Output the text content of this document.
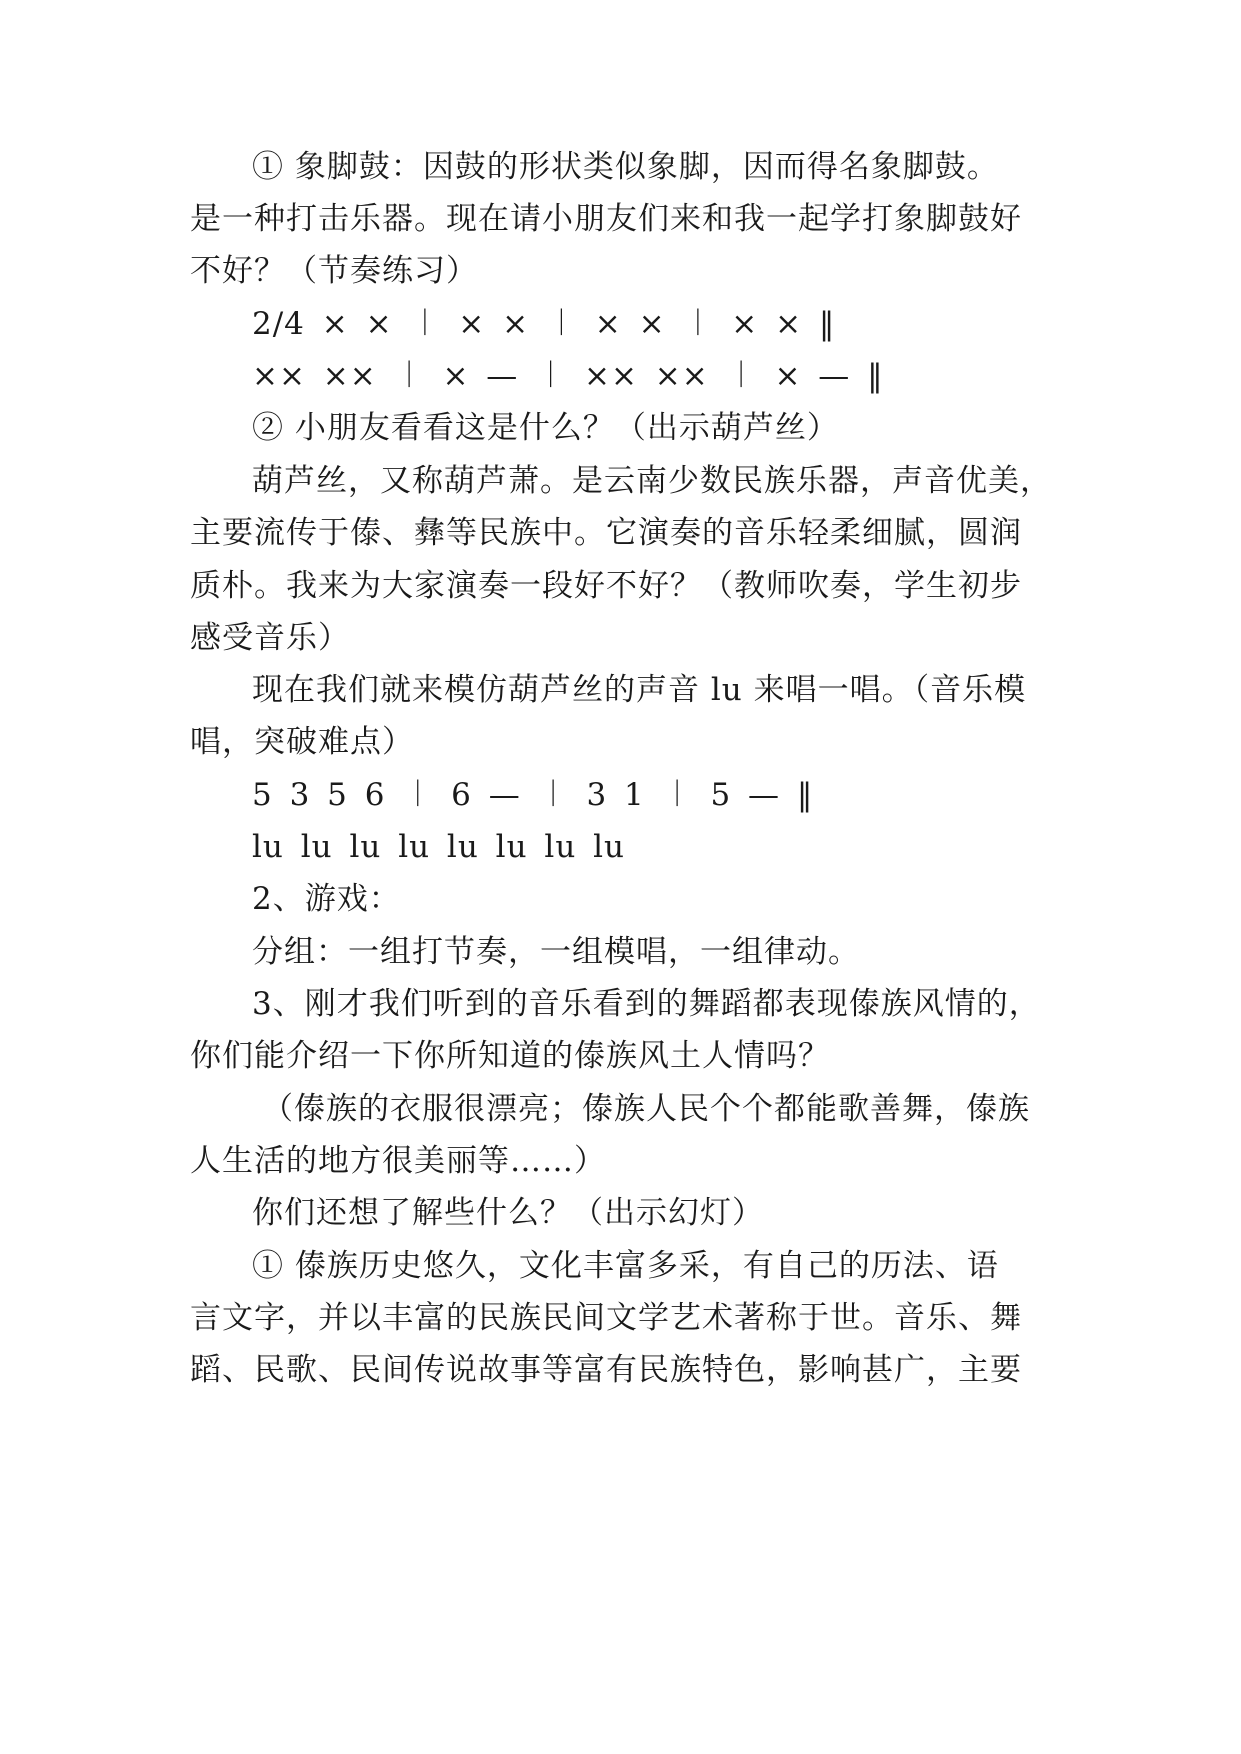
① 象脚鼓：因鼓的形状类似象脚，因而得名象脚鼓。
是一种打击乐器。现在请小朋友们来和我一起学打象脚鼓好
不好？（节奏练习）
2/4 × × ︱ × × ︱ × × ︱ × × ‖
×× ×× ︱ × — ︱ ×× ×× ︱ × — ‖
② 小朋友看看这是什么？（出示葫芦丝）
葫芦丝，又称葫芦萧。是云南少数民族乐器，声音优美，
主要流传于傣、彝等民族中。它演奏的音乐轻柔细腻，圆润
质朴。我来为大家演奏一段好不好？（教师吹奏，学生初步
感受音乐）
现在我们就来模仿葫芦丝的声音 lu 来唱一唱。（音乐模
唱，突破难点）
5 3 5 6 ︱ 6 — ︱ 3 1 ︱ 5 — ‖
lu lu lu lu lu lu lu lu
2、游戏：
分组：一组打节奏，一组模唱，一组律动。
3、刚才我们听到的音乐看到的舞蹈都表现傣族风情的，
你们能介绍一下你所知道的傣族风土人情吗？
（傣族的衣服很漂亮；傣族人民个个都能歌善舞，傣族
人生活的地方很美丽等……）
你们还想了解些什么？（出示幻灯）
① 傣族历史悠久，文化丰富多采，有自己的历法、语
言文字，并以丰富的民族民间文学艺术著称于世。音乐、舞
蹈、民歌、民间传说故事等富有民族特色，影响甚广，主要
